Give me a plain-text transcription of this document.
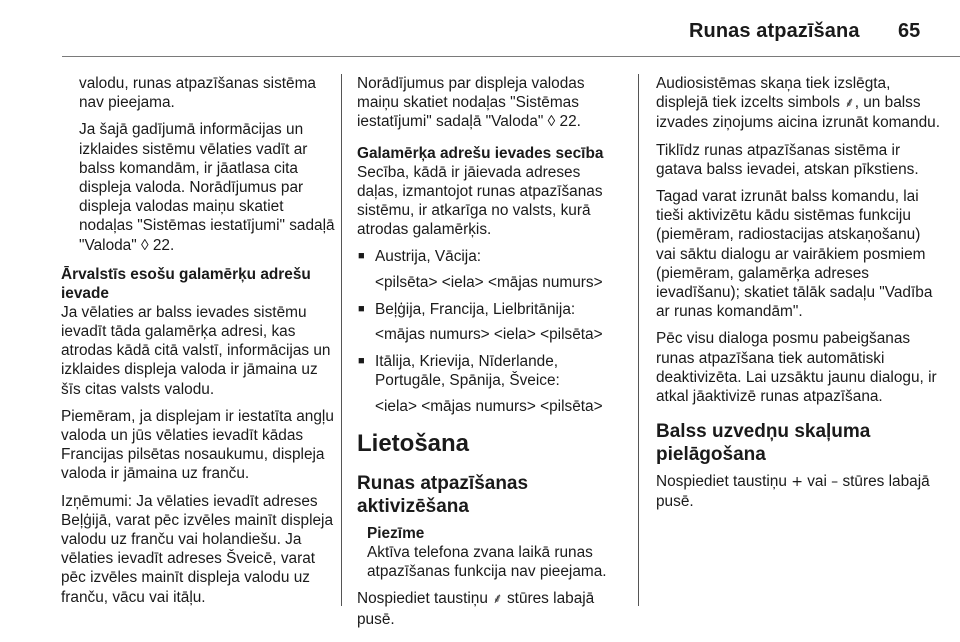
Runas atpazīšana 65

valodu, runas atpazīšanas sistēma nav pieejama.

Ja šajā gadījumā informācijas un izklaides sistēmu vēlaties vadīt ar balss komandām, ir jāatlasa cita displeja valoda. Norādījumus par displeja valodas maiņu skatiet nodaļas "Sistēmas iestatījumi" sadaļā "Valoda" ◊ 22.

Ārvalstīs esošu galamērķu adrešu ievade

Ja vēlaties ar balss ievades sistēmu ievadīt tāda galamērķa adresi, kas atrodas kādā citā valstī, informācijas un izklaides displeja valoda ir jāmaina uz šīs citas valsts valodu.

Piemēram, ja displejam ir iestatīta angļu valoda un jūs vēlaties ievadīt kādas Francijas pilsētas nosaukumu, displeja valoda ir jāmaina uz franču.

Izņēmumi: Ja vēlaties ievadīt adreses Beļģijā, varat pēc izvēles mainīt displeja valodu uz franču vai holandiešu. Ja vēlaties ievadīt adreses Šveicē, varat pēc izvēles mainīt displeja valodu uz franču, vācu vai itāļu.

Norādījumus par displeja valodas maiņu skatiet nodaļas "Sistēmas iestatījumi" sadaļā "Valoda" ◊ 22.

Galamērķa adrešu ievades secība

Secība, kādā ir jāievada adreses daļas, izmantojot runas atpazīšanas sistēmu, ir atkarīga no valsts, kurā atrodas galamērķis.

■ Austrija, Vācija:
<pilsēta> <iela> <mājas numurs>
■ Beļģija, Francija, Lielbritānija:
<mājas numurs> <iela> <pilsēta>
■ Itālija, Krievija, Nīderlande, Portugāle, Spānija, Šveice:
<iela> <mājas numurs> <pilsēta>
Lietošana
Runas atpazīšanas aktivizēšana
Piezīme
Aktīva telefona zvana laikā runas atpazīšanas funkcija nav pieejama.

Nospiediet taustiņu ⸙ stūres labajā pusē.

Audiosistēmas skaņa tiek izslēgta, displejā tiek izcelts simbols ⸙, un balss izvades ziņojums aicina izrunāt komandu.

Tiklīdz runas atpazīšanas sistēma ir gatava balss ievadei, atskan pīkstiens.

Tagad varat izrunāt balss komandu, lai tieši aktivizētu kādu sistēmas funkciju (piemēram, radiostacijas atskaņošanu) vai sāktu dialogu ar vairākiem posmiem (piemēram, galamērķa adreses ievadīšanu); skatiet tālāk sadaļu "Vadība ar runas komandām".

Pēc visu dialoga posmu pabeigšanas runas atpazīšana tiek automātiski deaktivizēta. Lai uzsāktu jaunu dialogu, ir atkal jāaktivizē runas atpazīšana.

Balss uzvedņu skaļuma pielāgošana

Nospiediet taustiņu + vai – stūres labajā pusē.
